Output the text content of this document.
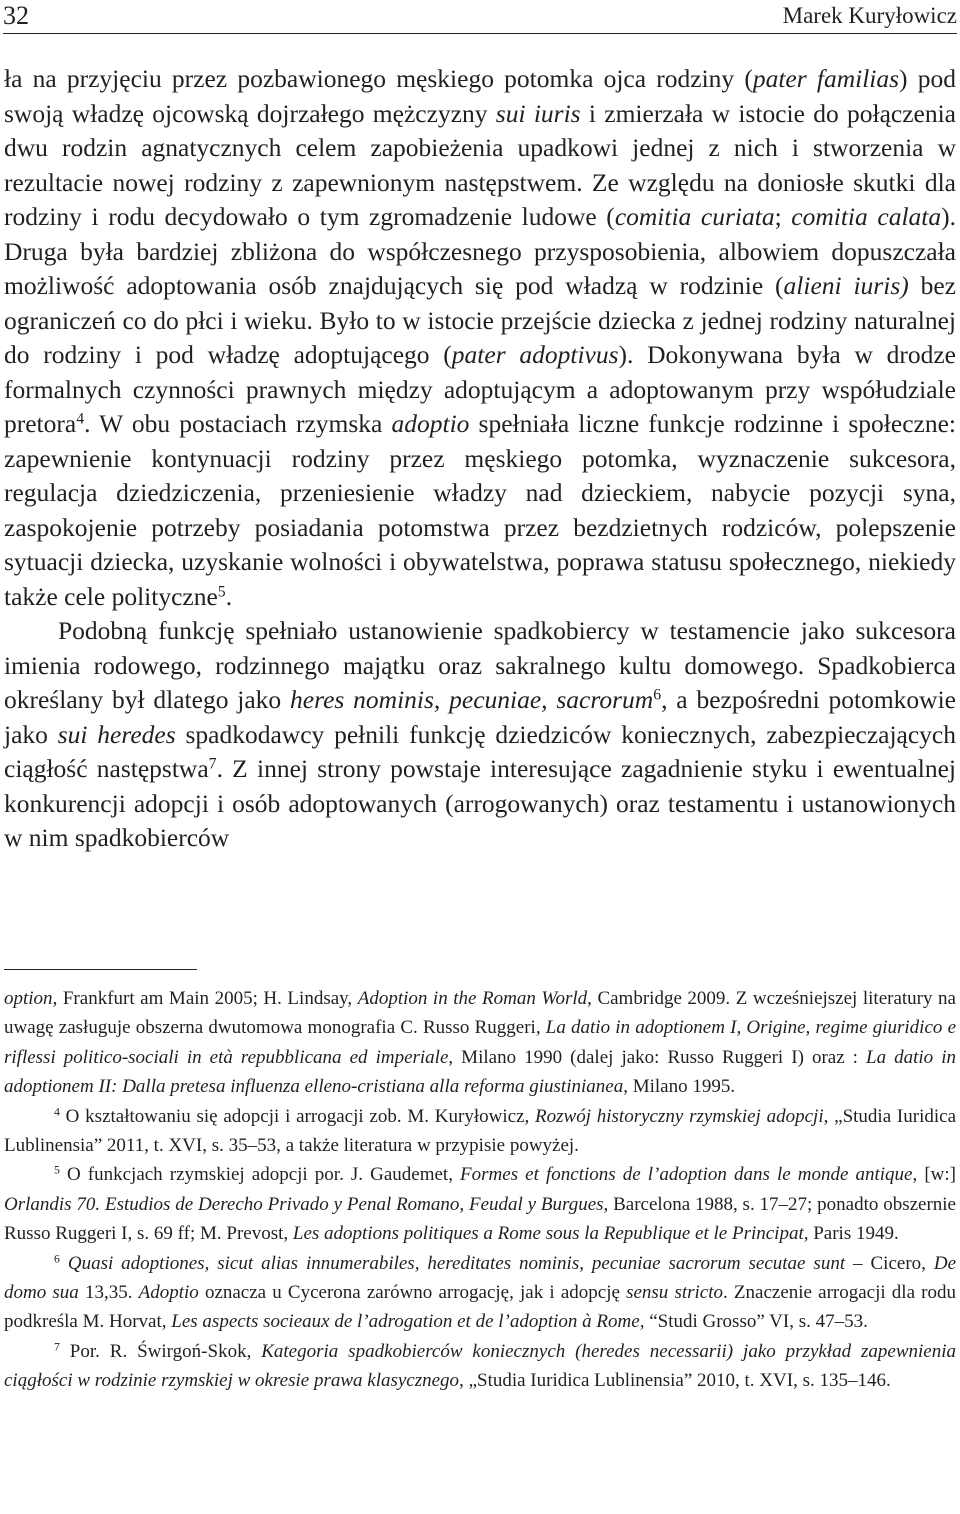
32	Marek Kuryłowicz

ła na przyjęciu przez pozbawionego męskiego potomka ojca rodziny (pater familias) pod swoją władzę ojcowską dojrzałego mężczyzny sui iuris i zmierzała w istocie do połączenia dwu rodzin agnatycznych celem zapobieżenia upadkowi jednej z nich i stworzenia w rezultacie nowej rodziny z zapewnionym następstwem. Ze względu na doniosłe skutki dla rodziny i rodu decydowało o tym zgromadzenie ludowe (comitia curiata; comitia calata). Druga była bardziej zbliżona do współczesnego przysposobienia, albowiem dopuszczała możliwość adoptowania osób znajdujących się pod władzą w rodzinie (alieni iuris) bez ograniczeń co do płci i wieku. Było to w istocie przejście dziecka z jednej rodziny naturalnej do rodziny i pod władzę adoptującego (pater adoptivus). Dokonywana była w drodze formalnych czynności prawnych między adoptującym a adoptowanym przy współudziale pretora$^4$. W obu postaciach rzymska adoptio spełniała liczne funkcje rodzinne i społeczne: zapewnienie kontynuacji rodziny przez męskiego potomka, wyznaczenie sukcesora, regulacja dziedziczenia, przeniesienie władzy nad dzieckiem, nabycie pozycji syna, zaspokojenie potrzeby posiadania potomstwa przez bezdzietnych rodziców, polepszenie sytuacji dziecka, uzyskanie wolności i obywatelstwa, poprawa statusu społecznego, niekiedy także cele polityczne$^5$.

Podobną funkcję spełniało ustanowienie spadkobiercy w testamencie jako sukcesora imienia rodowego, rodzinnego majątku oraz sakralnego kultu domowego. Spadkobierca określany był dlatego jako heres nominis, pecuniae, sacrorum$^6$, a bezpośredni potomkowie jako sui heredes spadkodawcy pełnili funkcję dziedziców koniecznych, zabezpieczających ciągłość następstwa$^7$. Z innej strony powstaje interesujące zagadnienie styku i ewentualnej konkurencji adopcji i osób adoptowanych (arrogowanych) oraz testamentu i ustanowionych w nim spadkobierców

option, Frankfurt am Main 2005; H. Lindsay, Adoption in the Roman World, Cambridge 2009. Z wcześniejszej literatury na uwagę zasługuje obszerna dwutomowa monografia C. Russo Ruggeri, La datio in adoptionem I, Origine, regime giuridico e riflessi politico-sociali in età repubblicana ed imperiale, Milano 1990 (dalej jako: Russo Ruggeri I) oraz : La datio in adoptionem II: Dalla pretesa influenza elleno-cristiana alla reforma giustinianea, Milano 1995.

$^4$ O kształtowaniu się adopcji i arrogacji zob. M. Kuryłowicz, Rozwój historyczny rzymskiej adopcji, „Studia Iuridica Lublinensia” 2011, t. XVI, s. 35–53, a także literatura w przypisie powyżej.

$^5$ O funkcjach rzymskiej adopcji por. J. Gaudemet, Formes et fonctions de l’adoption dans le monde antique, [w:] Orlandis 70. Estudios de Derecho Privado y Penal Romano, Feudal y Burgues, Barcelona 1988, s. 17–27; ponadto obszernie Russo Ruggeri I, s. 69 ff; M. Prevost, Les adoptions politiques a Rome sous la Republique et le Principat, Paris 1949.

$^6$ Quasi adoptiones, sicut alias innumerabiles, hereditates nominis, pecuniae sacrorum secutae sunt – Cicero, De domo sua 13,35. Adoptio oznacza u Cycerona zarówno arrogację, jak i adopcję sensu stricto. Znaczenie arrogacji dla rodu podkreśla M. Horvat, Les aspects socieaux de l’adrogation et de l’adoption à Rome, “Studi Grosso” VI, s. 47–53.

$^7$ Por. R. Świrgoń-Skok, Kategoria spadkobierców koniecznych (heredes necessarii) jako przykład zapewnienia ciągłości w rodzinie rzymskiej w okresie prawa klasycznego, „Studia Iuridica Lublinensia” 2010, t. XVI, s. 135–146.
